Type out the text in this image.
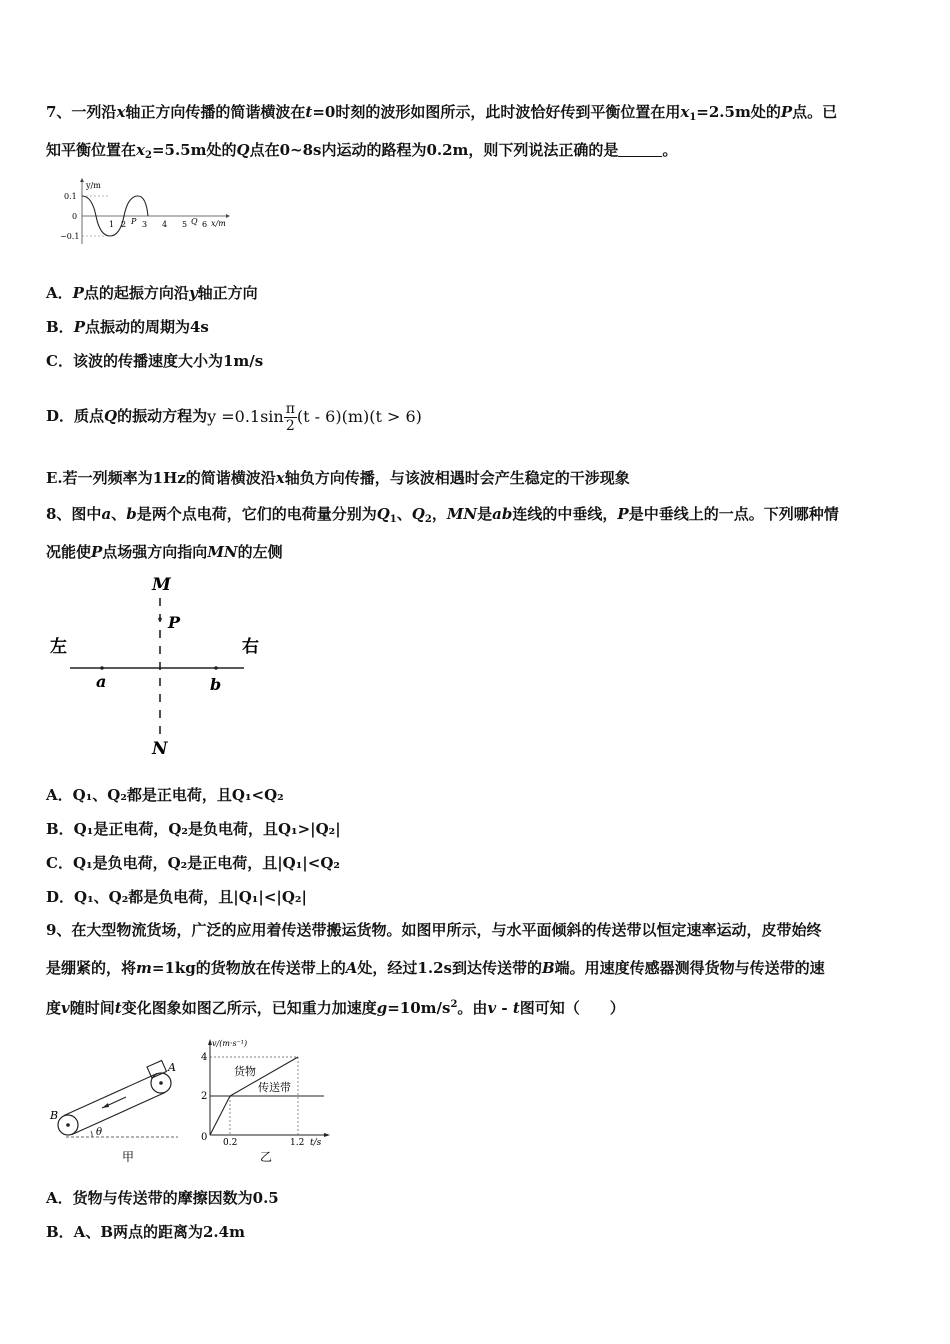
7、一列沿x轴正方向传播的简谐横波在t=0时刻的波形如图所示，此时波恰好传到平衡位置在用$x_1=2.5m$处的P点。已
知平衡位置在$x_2=5.5m$处的Q点在0~8s内运动的路程为0.2m，则下列说法正确的是	。
y/m
0.1
0
−0.1
1 2 P 3 4 5 Q 6 x/m
A．P点的起振方向沿y轴正方向
B．P点振动的周期为4s
C．该波的传播速度大小为1m/s
D．质点Q的振动方程为$y =0.1\sin \frac{\pi}{2} (t - 6)(m)(t > 6)$
E.若一列频率为1Hz的简谐横波沿x轴负方向传播，与该波相遇时会产生稳定的干涉现象
8、图中a、b是两个点电荷，它们的电荷量分别为$Q_1$、$Q_2$，MN是ab连线的中垂线，P是中垂线上的一点。下列哪种情
况能使P点场强方向指向MN的左侧
M
P
左	右
a	b
N
A．Q₁、Q₂都是正电荷，且Q₁<Q₂
B．Q₁是正电荷，Q₂是负电荷，且Q₁>|Q₂|
C．Q₁是负电荷，Q₂是正电荷，且|Q₁|<Q₂
D．Q₁、Q₂都是负电荷，且|Q₁|<|Q₂|
9、在大型物流货场，广泛的应用着传送带搬运货物。如图甲所示，与水平面倾斜的传送带以恒定速率运动，皮带始终
是绷紧的，将m=1kg的货物放在传送带上的A处，经过1.2s到达传送带的B端。用速度传感器测得货物与传送带的速
度v随时间t变化图象如图乙所示，已知重力加速度$g=10m/s^2$。由v - t图可知（　　）
A
B
θ
甲
v/(m·s⁻¹)
4
2
0 0.2	1.2 t/s
货物
传送带
乙
A．货物与传送带的摩擦因数为0.5
B．A、B两点的距离为2.4m
